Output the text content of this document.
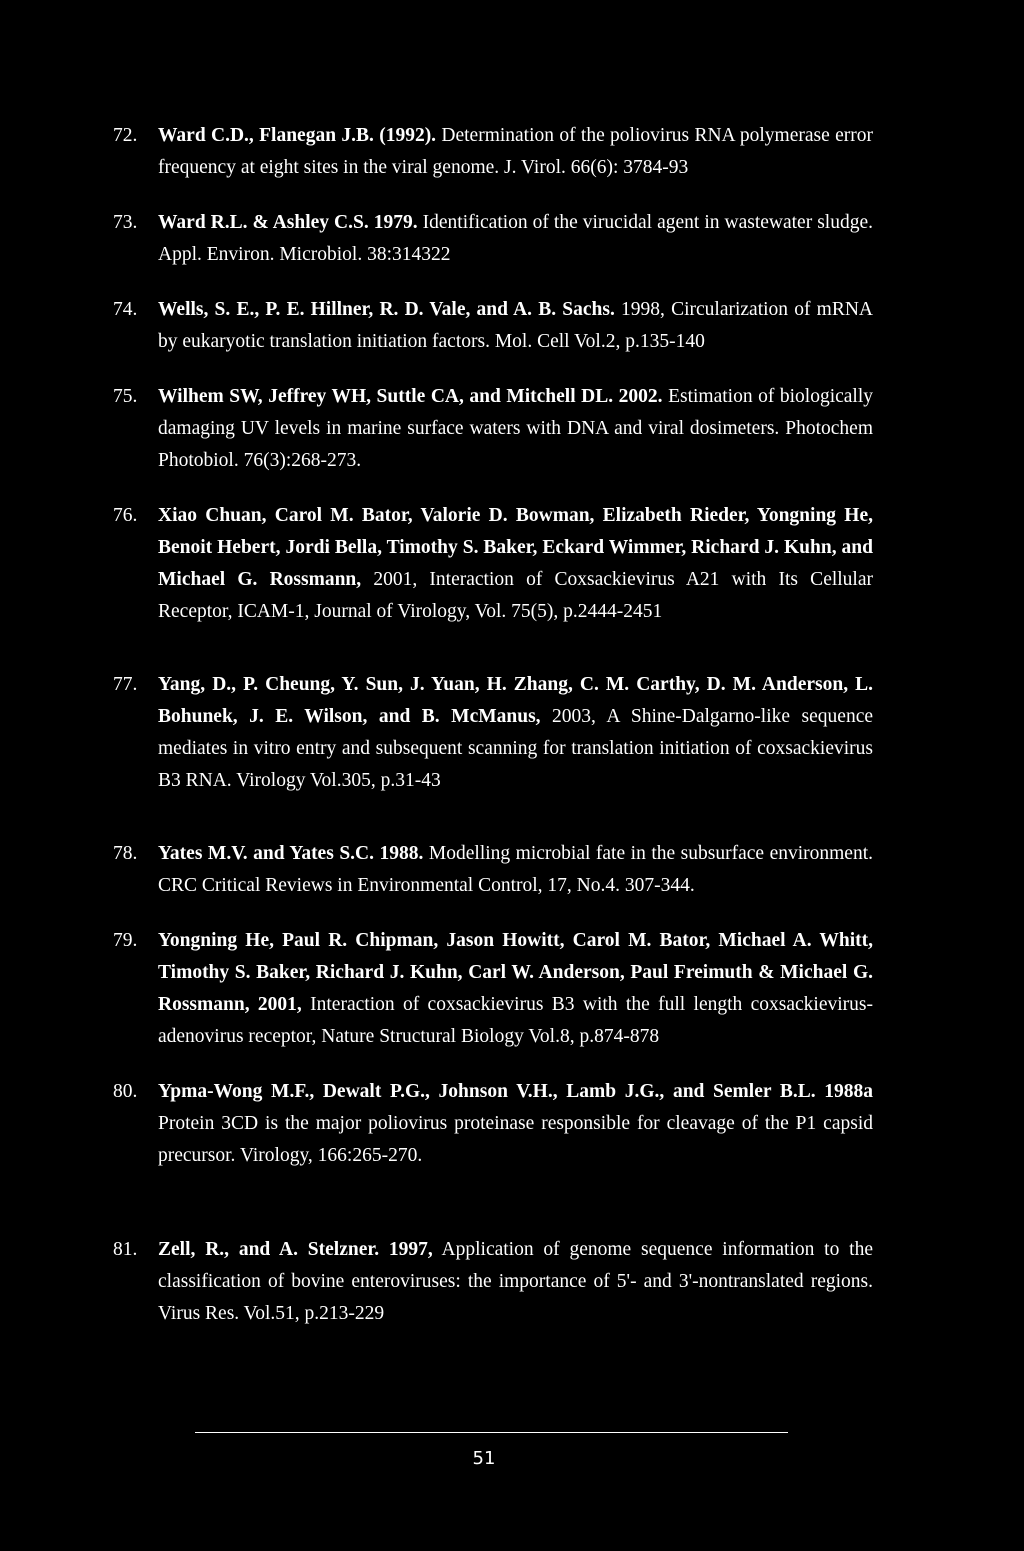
72.	Ward C.D., Flanegan J.B. (1992). Determination of the poliovirus RNA polymerase error frequency at eight sites in the viral genome. J. Virol. 66(6): 3784-93
73.	Ward R.L. & Ashley C.S. 1979. Identification of the virucidal agent in wastewater sludge. Appl. Environ. Microbiol. 38:314322
74.	Wells, S. E., P. E. Hillner, R. D. Vale, and A. B. Sachs. 1998, Circularization of mRNA by eukaryotic translation initiation factors. Mol. Cell Vol.2, p.135-140
75.	Wilhem SW, Jeffrey WH, Suttle CA, and Mitchell DL. 2002. Estimation of biologically damaging UV levels in marine surface waters with DNA and viral dosimeters. Photochem Photobiol. 76(3):268-273.
76.	Xiao Chuan, Carol M. Bator, Valorie D. Bowman, Elizabeth Rieder, Yongning He, Benoit Hebert, Jordi Bella, Timothy S. Baker, Eckard Wimmer, Richard J. Kuhn, and Michael G. Rossmann, 2001, Interaction of Coxsackievirus A21 with Its Cellular Receptor, ICAM-1, Journal of Virology, Vol. 75(5), p.2444-2451
77.	Yang, D., P. Cheung, Y. Sun, J. Yuan, H. Zhang, C. M. Carthy, D. M. Anderson, L. Bohunek, J. E. Wilson, and B. McManus, 2003, A Shine-Dalgarno-like sequence mediates in vitro entry and subsequent scanning for translation initiation of coxsackievirus B3 RNA. Virology Vol.305, p.31-43
78.	Yates M.V. and Yates S.C. 1988. Modelling microbial fate in the subsurface environment. CRC Critical Reviews in Environmental Control, 17, No.4. 307-344.
79.	Yongning He, Paul R. Chipman, Jason Howitt, Carol M. Bator, Michael A. Whitt, Timothy S. Baker, Richard J. Kuhn, Carl W. Anderson, Paul Freimuth & Michael G. Rossmann, 2001, Interaction of coxsackievirus B3 with the full length coxsackievirus-adenovirus receptor, Nature Structural Biology Vol.8, p.874-878
80.	Ypma-Wong M.F., Dewalt P.G., Johnson V.H., Lamb J.G., and Semler B.L. 1988a Protein 3CD is the major poliovirus proteinase responsible for cleavage of the P1 capsid precursor. Virology, 166:265-270.
81.	Zell, R., and A. Stelzner. 1997, Application of genome sequence information to the classification of bovine enteroviruses: the importance of 5'- and 3'-nontranslated regions. Virus Res. Vol.51, p.213-229
51
